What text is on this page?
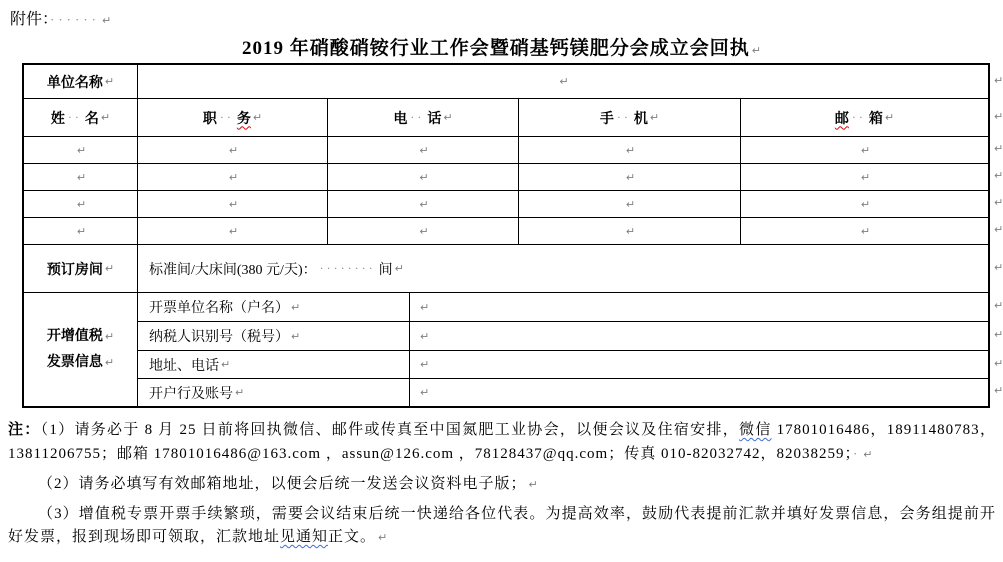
附件：······ ↵
2019 年硝酸硝铵行业工作会暨硝基钙镁肥分会成立会回执 ↵
单位名称 ↵	↵
姓 ·· 名 ↵	职 ·· 务 ↵	电 ·· 话 ↵	手 ·· 机 ↵	邮 ·· 箱 ↵
↵	↵	↵	↵	↵
↵	↵	↵	↵	↵
↵	↵	↵	↵	↵
↵	↵	↵	↵	↵
预订房间 ↵ 标准间/大床间(380 元/天)： ········ 间 ↵
开增值税 ↵
发票信息 ↵
开票单位名称（户名） ↵	↵
纳税人识别号（税号） ↵	↵
地址、电话 ↵	↵
开户行及账号 ↵	↵
↵
↵
↵
↵
↵
↵
↵
↵
↵
↵
↵

注：（1）请务必于 8 月 25 日前将回执微信、邮件或传真至中国氮肥工业协会，以便会议及住宿安排，微信 17801016486，18911480783，13811206755；邮箱 17801016486@163.com ，assun@126.com ，78128437@qq.com；传真 010-82032742，82038259；· ↵

（2）请务必填写有效邮箱地址，以便会后统一发送会议资料电子版； ↵

（3）增值税专票开票手续繁琐，需要会议结束后统一快递给各位代表。为提高效率，鼓励代表提前汇款并填好发票信息，会务组提前开好发票，报到现场即可领取，汇款地址见通知正文。 ↵
